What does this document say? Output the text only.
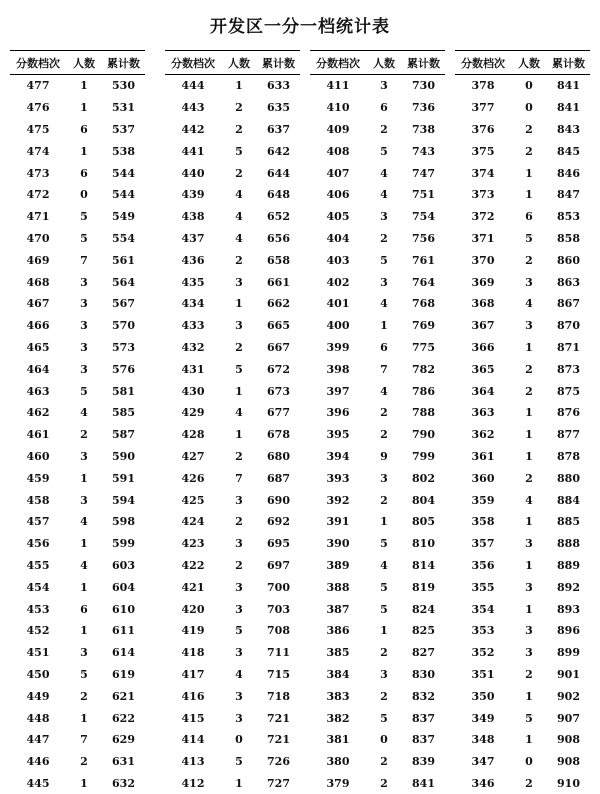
开发区一分一档统计表
分数档次	人数	累计数
477	1	530
476	1	531
475	6	537
474	1	538
473	6	544
472	0	544
471	5	549
470	5	554
469	7	561
468	3	564
467	3	567
466	3	570
465	3	573
464	3	576
463	5	581
462	4	585
461	2	587
460	3	590
459	1	591
458	3	594
457	4	598
456	1	599
455	4	603
454	1	604
453	6	610
452	1	611
451	3	614
450	5	619
449	2	621
448	1	622
447	7	629
446	2	631
445	1	632
分数档次	人数	累计数
444	1	633
443	2	635
442	2	637
441	5	642
440	2	644
439	4	648
438	4	652
437	4	656
436	2	658
435	3	661
434	1	662
433	3	665
432	2	667
431	5	672
430	1	673
429	4	677
428	1	678
427	2	680
426	7	687
425	3	690
424	2	692
423	3	695
422	2	697
421	3	700
420	3	703
419	5	708
418	3	711
417	4	715
416	3	718
415	3	721
414	0	721
413	5	726
412	1	727
分数档次	人数	累计数
411	3	730
410	6	736
409	2	738
408	5	743
407	4	747
406	4	751
405	3	754
404	2	756
403	5	761
402	3	764
401	4	768
400	1	769
399	6	775
398	7	782
397	4	786
396	2	788
395	2	790
394	9	799
393	3	802
392	2	804
391	1	805
390	5	810
389	4	814
388	5	819
387	5	824
386	1	825
385	2	827
384	3	830
383	2	832
382	5	837
381	0	837
380	2	839
379	2	841
分数档次	人数	累计数
378	0	841
377	0	841
376	2	843
375	2	845
374	1	846
373	1	847
372	6	853
371	5	858
370	2	860
369	3	863
368	4	867
367	3	870
366	1	871
365	2	873
364	2	875
363	1	876
362	1	877
361	1	878
360	2	880
359	4	884
358	1	885
357	3	888
356	1	889
355	3	892
354	1	893
353	3	896
352	3	899
351	2	901
350	1	902
349	5	907
348	1	908
347	0	908
346	2	910
